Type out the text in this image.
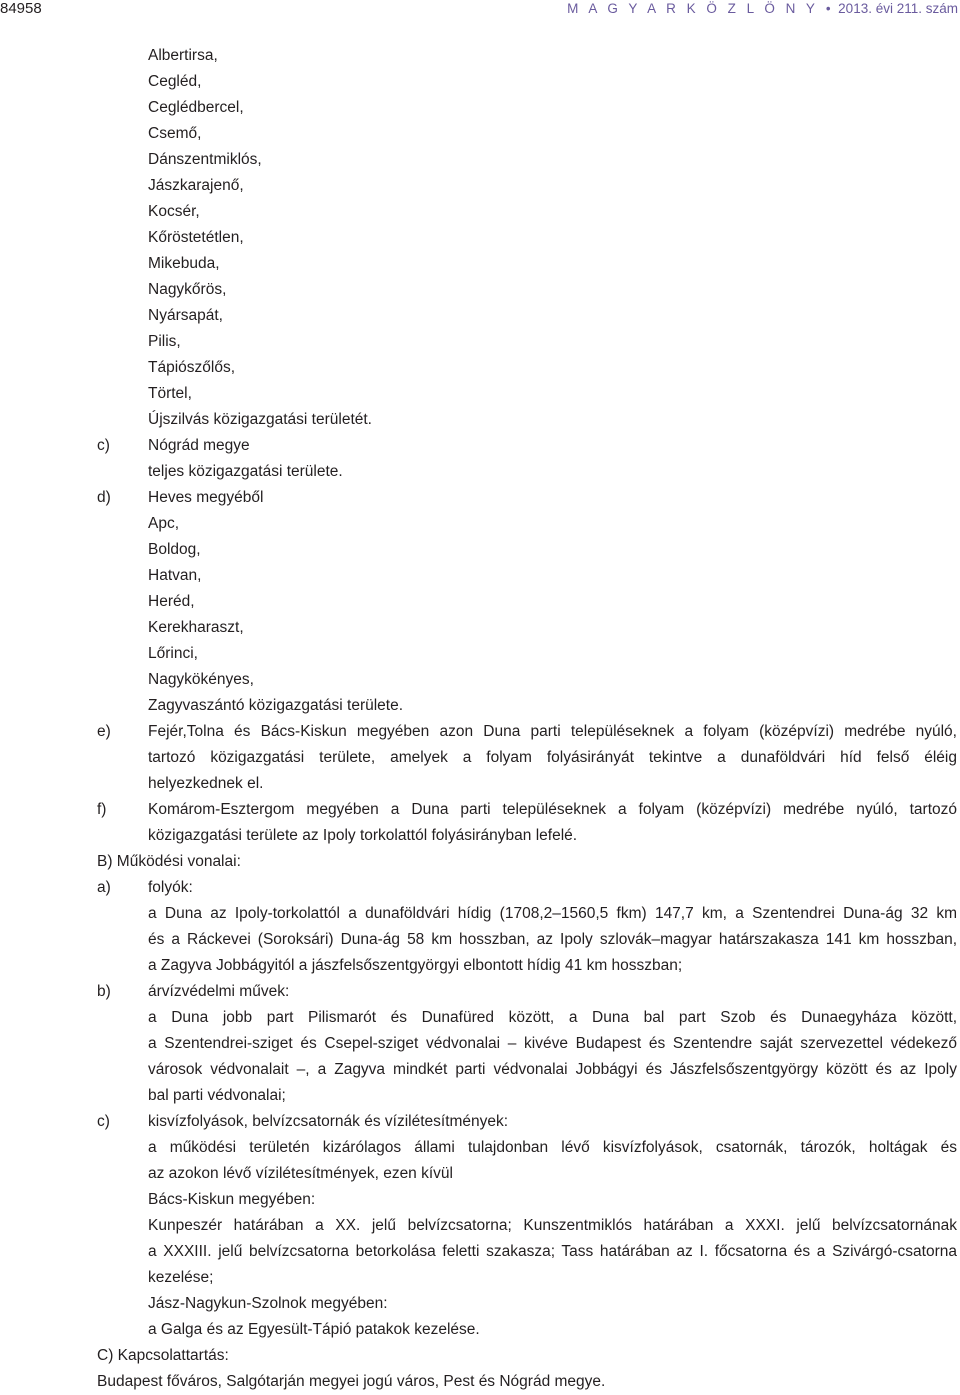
84958	M A G Y A R K Ö Z L Ö N Y • 2013. évi 211. szám
Albertirsa,
Cegléd,
Ceglédbercel,
Csemő,
Dánszentmiklós,
Jászkarajenő,
Kocsér,
Kőröstetétlen,
Mikebuda,
Nagykőrös,
Nyársapát,
Pilis,
Tápiószőlős,
Törtel,
Újszilvás közigazgatási területét.
c) Nógrád megye
teljes közigazgatási területe.
d) Heves megyéből
Apc,
Boldog,
Hatvan,
Heréd,
Kerekharaszt,
Lőrinci,
Nagykökényes,
Zagyvaszántó közigazgatási területe.
e) Fejér,Tolna és Bács-Kiskun megyében azon Duna parti településeknek a folyam (középvízi) medrébe nyúló,
tartozó közigazgatási területe, amelyek a folyam folyásirányát tekintve a dunaföldvári híd felső éléig
helyezkednek el.
f)	Komárom-Esztergom megyében a Duna parti településeknek a folyam (középvízi) medrébe nyúló, tartozó
közigazgatási területe az Ipoly torkolattól folyásirányban lefelé.
B) Működési vonalai:
a) folyók:
a Duna az Ipoly-torkolattól a dunaföldvári hídig (1708,2–1560,5 fkm) 147,7 km, a Szentendrei Duna-ág 32 km
és a Ráckevei (Soroksári) Duna-ág 58 km hosszban, az Ipoly szlovák–magyar határszakasza 141 km hosszban,
a Zagyva Jobbágyitól a jászfelsőszentgyörgyi elbontott hídig 41 km hosszban;
b) árvízvédelmi művek:
a Duna jobb part Pilismarót és Dunafüred között, a Duna bal part Szob és Dunaegyháza között,
a Szentendrei-sziget és Csepel-sziget védvonalai – kivéve Budapest és Szentendre saját szervezettel védekező
városok védvonalait –, a Zagyva mindkét parti védvonalai Jobbágyi és Jászfelsőszentgyörgy között és az Ipoly
bal parti védvonalai;
c) kisvízfolyások, belvízcsatornák és vízilétesítmények:
a működési területén kizárólagos állami tulajdonban lévő kisvízfolyások, csatornák, tározók, holtágak és
az azokon lévő vízilétesítmények, ezen kívül
Bács-Kiskun megyében:
Kunpeszér határában a XX. jelű belvízcsatorna; Kunszentmiklós határában a XXXI. jelű belvízcsatornának
a XXXIII. jelű belvízcsatorna betorkolása feletti szakasza; Tass határában az I. főcsatorna és a Szivárgó-csatorna
kezelése;
Jász-Nagykun-Szolnok megyében:
a Galga és az Egyesült-Tápió patakok kezelése.
C) Kapcsolattartás:
Budapest főváros, Salgótarján megyei jogú város, Pest és Nógrád megye.
